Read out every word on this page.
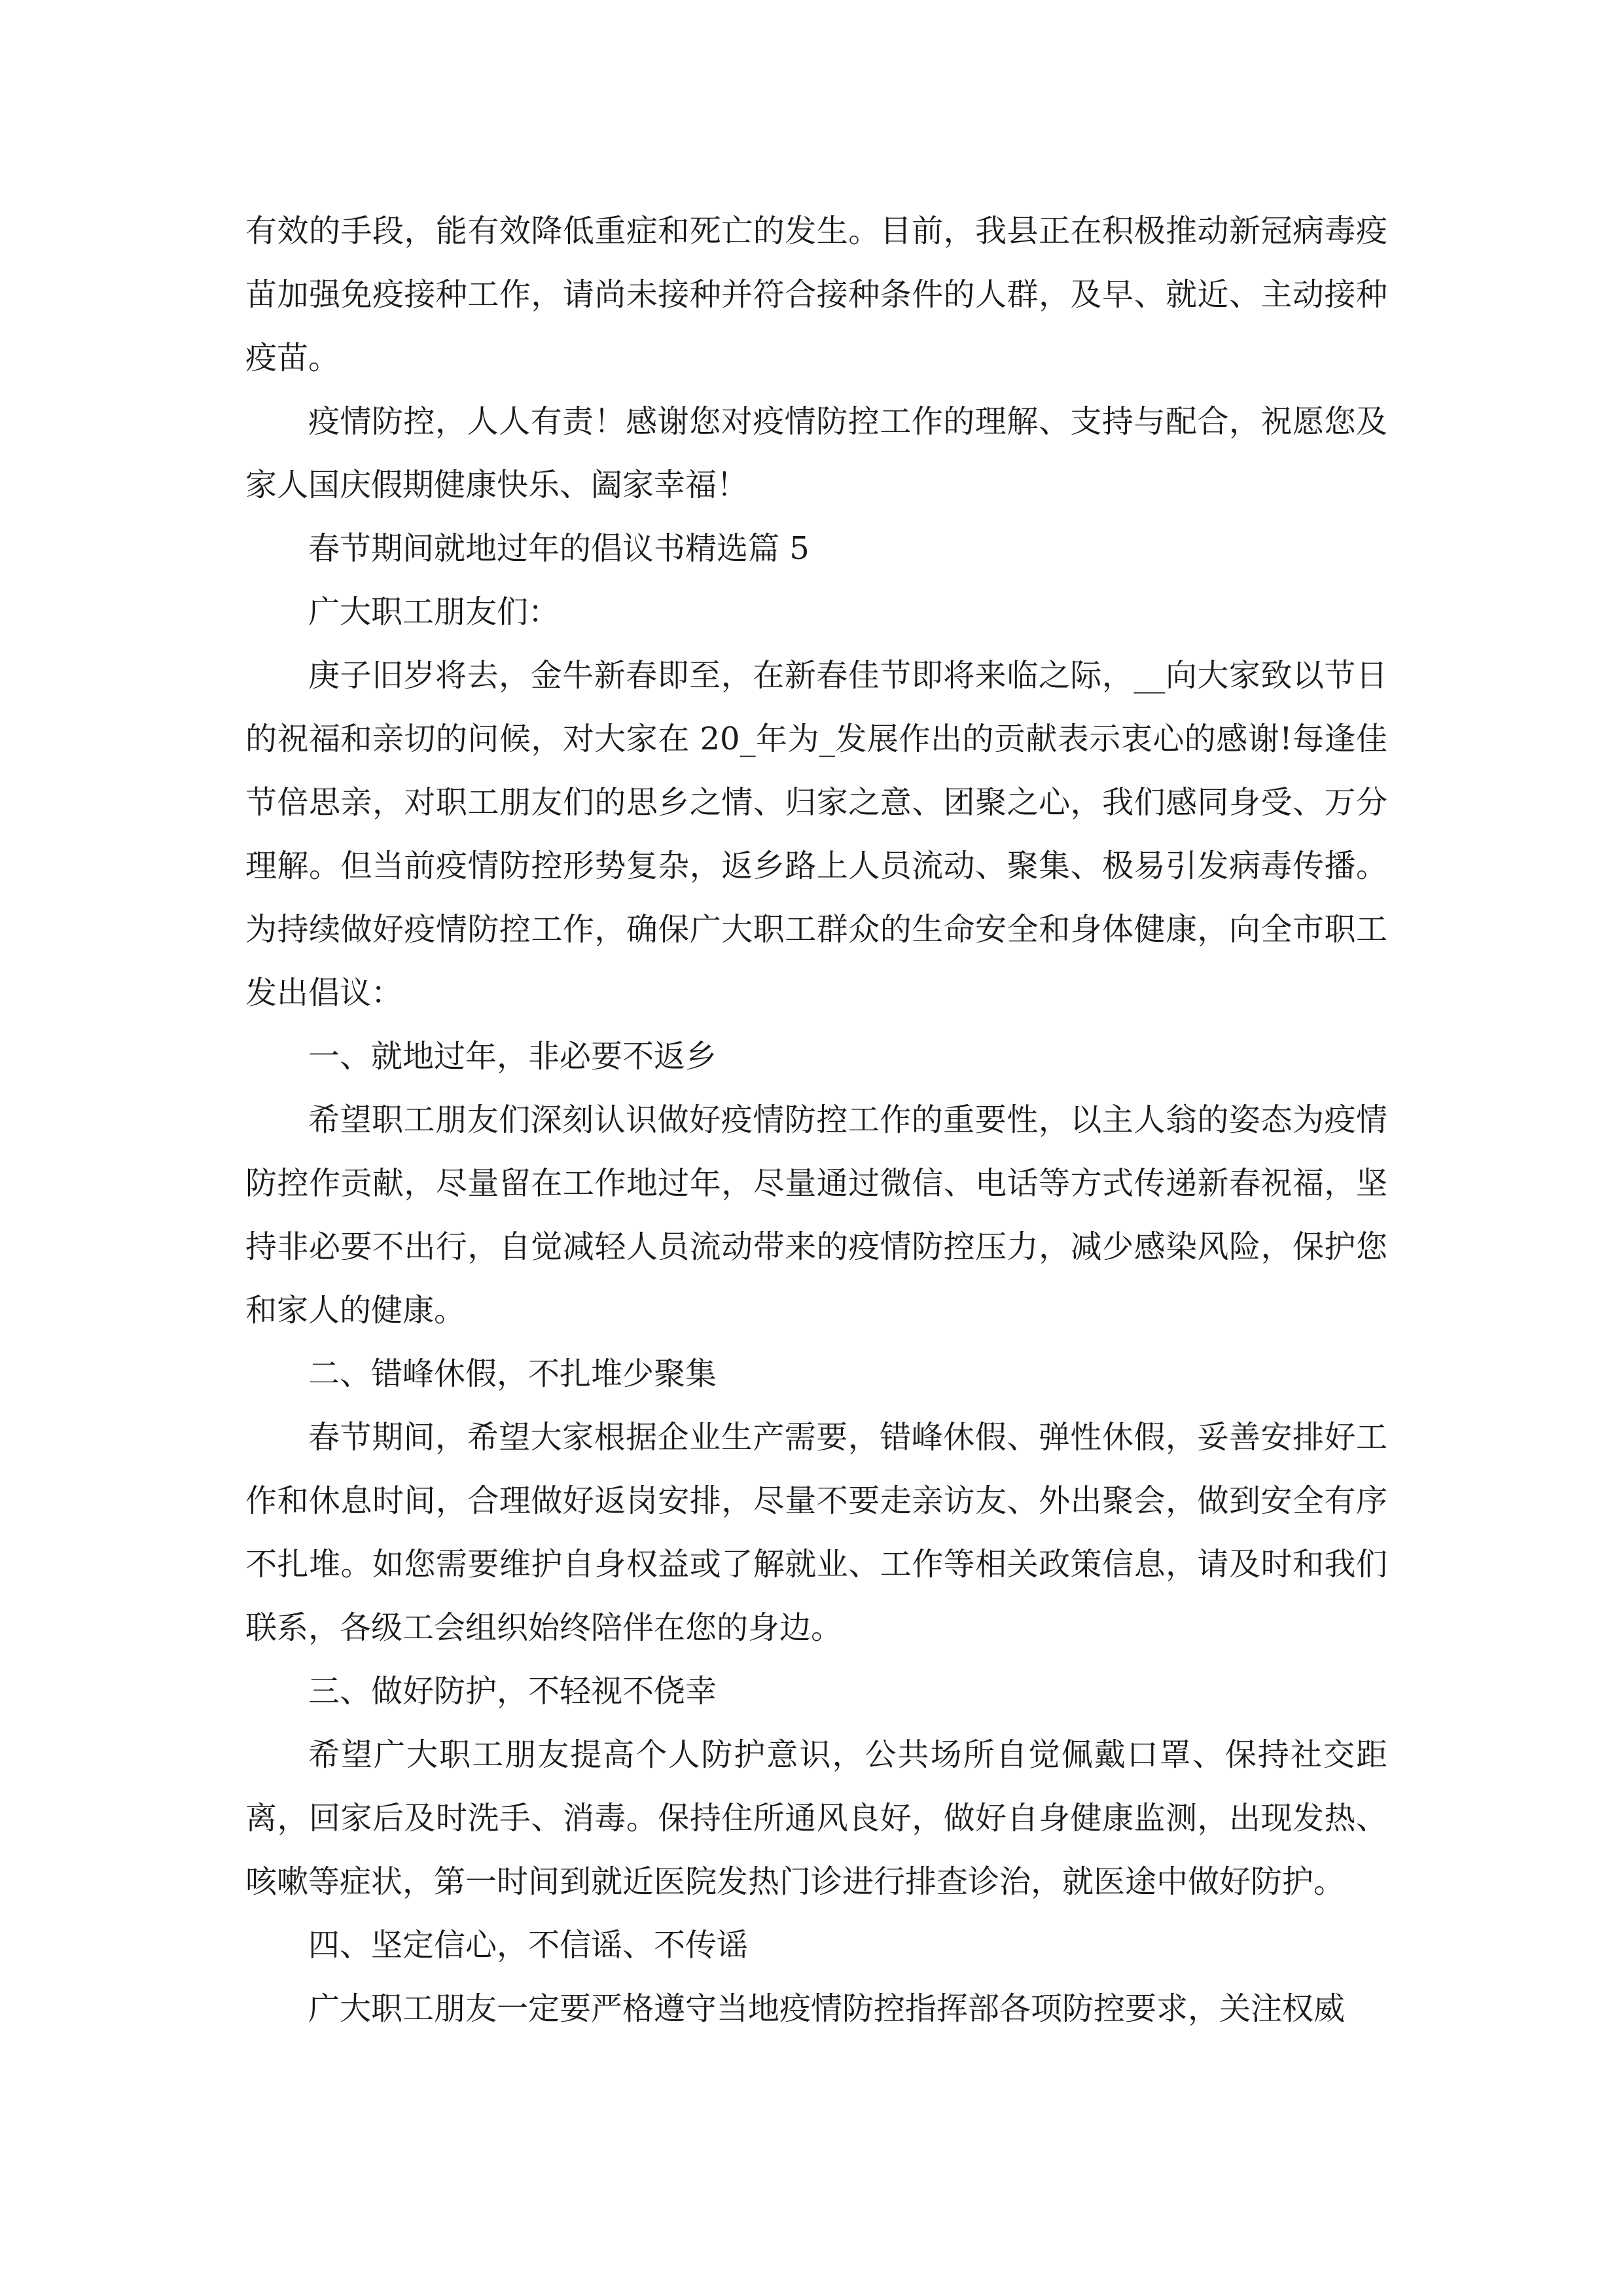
有效的手段，能有效降低重症和死亡的发生。目前，我县正在积极推动新冠病毒疫苗加强免疫接种工作，请尚未接种并符合接种条件的人群，及早、就近、主动接种疫苗。

疫情防控，人人有责！感谢您对疫情防控工作的理解、支持与配合，祝愿您及家人国庆假期健康快乐、阖家幸福！

春节期间就地过年的倡议书精选篇 5

广大职工朋友们：

庚子旧岁将去，金牛新春即至，在新春佳节即将来临之际，__向大家致以节日的祝福和亲切的问候，对大家在 20_年为_发展作出的贡献表示衷心的感谢!每逢佳节倍思亲，对职工朋友们的思乡之情、归家之意、团聚之心，我们感同身受、万分理解。但当前疫情防控形势复杂，返乡路上人员流动、聚集、极易引发病毒传播。为持续做好疫情防控工作，确保广大职工群众的生命安全和身体健康，向全市职工发出倡议：

一、就地过年，非必要不返乡

希望职工朋友们深刻认识做好疫情防控工作的重要性，以主人翁的姿态为疫情防控作贡献，尽量留在工作地过年，尽量通过微信、电话等方式传递新春祝福，坚持非必要不出行，自觉减轻人员流动带来的疫情防控压力，减少感染风险，保护您和家人的健康。

二、错峰休假，不扎堆少聚集

春节期间，希望大家根据企业生产需要，错峰休假、弹性休假，妥善安排好工作和休息时间，合理做好返岗安排，尽量不要走亲访友、外出聚会，做到安全有序不扎堆。如您需要维护自身权益或了解就业、工作等相关政策信息，请及时和我们联系，各级工会组织始终陪伴在您的身边。

三、做好防护，不轻视不侥幸

希望广大职工朋友提高个人防护意识，公共场所自觉佩戴口罩、保持社交距离，回家后及时洗手、消毒。保持住所通风良好，做好自身健康监测，出现发热、咳嗽等症状，第一时间到就近医院发热门诊进行排查诊治，就医途中做好防护。

四、坚定信心，不信谣、不传谣

广大职工朋友一定要严格遵守当地疫情防控指挥部各项防控要求，关注权威
